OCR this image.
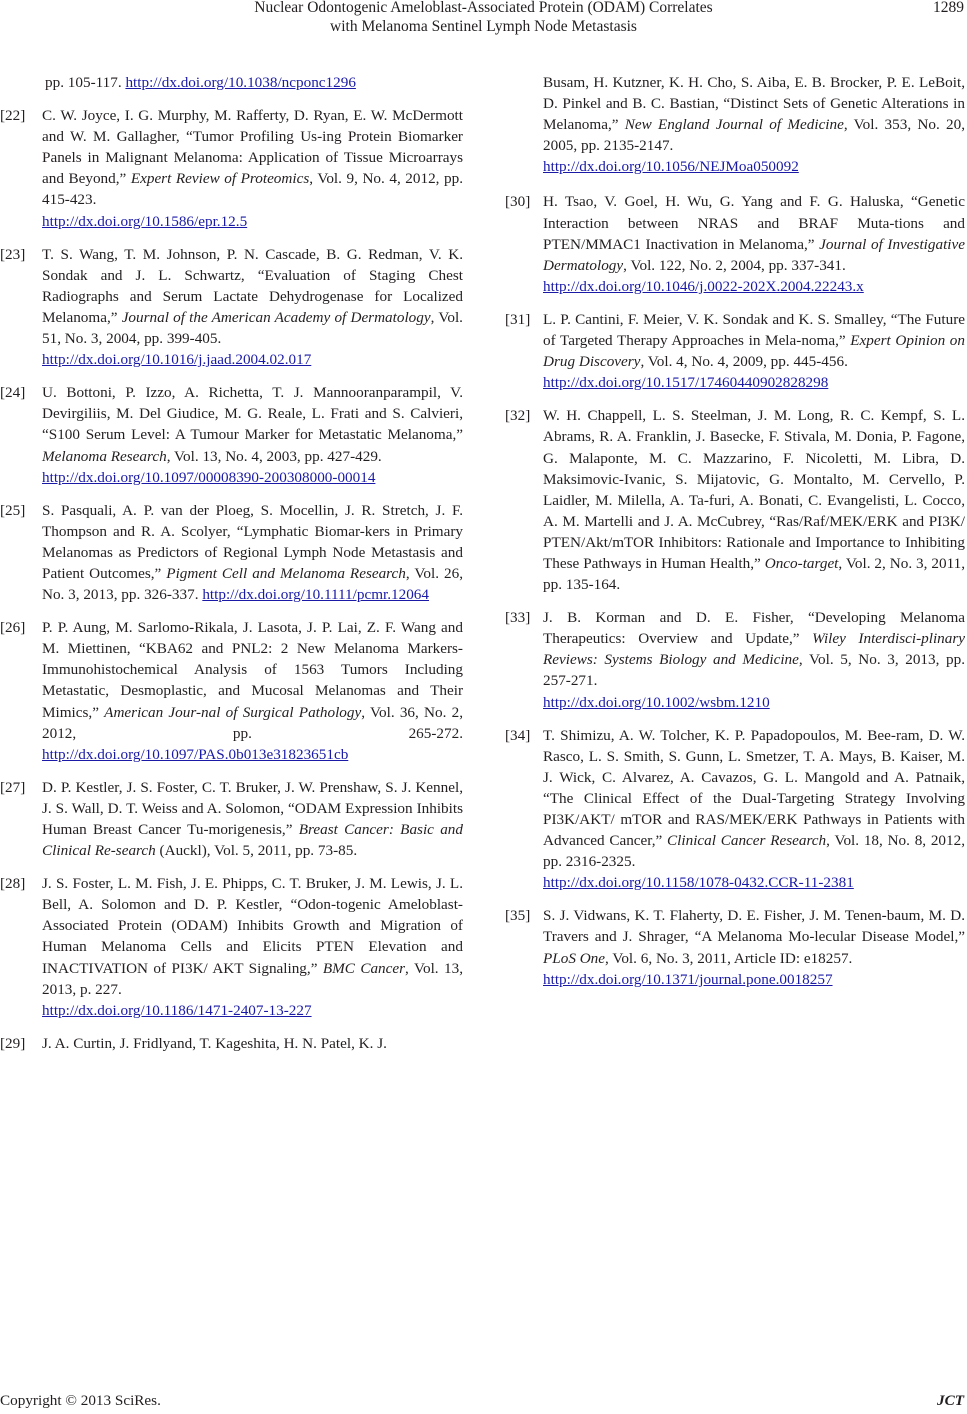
Nuclear Odontogenic Ameloblast-Associated Protein (ODAM) Correlates
with Melanoma Sentinel Lymph Node Metastasis
1289
pp. 105-117. http://dx.doi.org/10.1038/ncponc1296
[22] C. W. Joyce, I. G. Murphy, M. Rafferty, D. Ryan, E. W. McDermott and W. M. Gallagher, “Tumor Profiling Us-ing Protein Biomarker Panels in Malignant Melanoma: Application of Tissue Microarrays and Beyond,” Expert Review of Proteomics, Vol. 9, No. 4, 2012, pp. 415-423.
http://dx.doi.org/10.1586/epr.12.5
[23] T. S. Wang, T. M. Johnson, P. N. Cascade, B. G. Redman, V. K. Sondak and J. L. Schwartz, “Evaluation of Staging Chest Radiographs and Serum Lactate Dehydrogenase for Localized Melanoma,” Journal of the American Academy of Dermatology, Vol. 51, No. 3, 2004, pp. 399-405.
http://dx.doi.org/10.1016/j.jaad.2004.02.017
[24] U. Bottoni, P. Izzo, A. Richetta, T. J. Mannooranparampil, V. Devirgiliis, M. Del Giudice, M. G. Reale, L. Frati and S. Calvieri, “S100 Serum Level: A Tumour Marker for Metastatic Melanoma,” Melanoma Research, Vol. 13, No. 4, 2003, pp. 427-429.
http://dx.doi.org/10.1097/00008390-200308000-00014
[25] S. Pasquali, A. P. van der Ploeg, S. Mocellin, J. R. Stretch, J. F. Thompson and R. A. Scolyer, “Lymphatic Biomar-kers in Primary Melanomas as Predictors of Regional Lymph Node Metastasis and Patient Outcomes,” Pigment Cell and Melanoma Research, Vol. 26, No. 3, 2013, pp. 326-337. http://dx.doi.org/10.1111/pcmr.12064
[26] P. P. Aung, M. Sarlomo-Rikala, J. Lasota, J. P. Lai, Z. F. Wang and M. Miettinen, “KBA62 and PNL2: 2 New Melanoma Markers-Immunohistochemical Analysis of 1563 Tumors Including Metastatic, Desmoplastic, and Mucosal Melanomas and Their Mimics,” American Jour-nal of Surgical Pathology, Vol. 36, No. 2, 2012, pp. 265-272. http://dx.doi.org/10.1097/PAS.0b013e31823651cb
[27] D. P. Kestler, J. S. Foster, C. T. Bruker, J. W. Prenshaw, S. J. Kennel, J. S. Wall, D. T. Weiss and A. Solomon, “ODAM Expression Inhibits Human Breast Cancer Tu-morigenesis,” Breast Cancer: Basic and Clinical Re-search (Auckl), Vol. 5, 2011, pp. 73-85.
[28] J. S. Foster, L. M. Fish, J. E. Phipps, C. T. Bruker, J. M. Lewis, J. L. Bell, A. Solomon and D. P. Kestler, “Odon-togenic Ameloblast-Associated Protein (ODAM) Inhibits Growth and Migration of Human Melanoma Cells and Elicits PTEN Elevation and INACTIVATION of PI3K/ AKT Signaling,” BMC Cancer, Vol. 13, 2013, p. 227.
http://dx.doi.org/10.1186/1471-2407-13-227
[29] J. A. Curtin, J. Fridlyand, T. Kageshita, H. N. Patel, K. J.
Busam, H. Kutzner, K. H. Cho, S. Aiba, E. B. Brocker, P. E. LeBoit, D. Pinkel and B. C. Bastian, “Distinct Sets of Genetic Alterations in Melanoma,” New England Journal of Medicine, Vol. 353, No. 20, 2005, pp. 2135-2147.
http://dx.doi.org/10.1056/NEJMoa050092
[30] H. Tsao, V. Goel, H. Wu, G. Yang and F. G. Haluska, “Genetic Interaction between NRAS and BRAF Muta-tions and PTEN/MMAC1 Inactivation in Melanoma,” Journal of Investigative Dermatology, Vol. 122, No. 2, 2004, pp. 337-341.
http://dx.doi.org/10.1046/j.0022-202X.2004.22243.x
[31] L. P. Cantini, F. Meier, V. K. Sondak and K. S. Smalley, “The Future of Targeted Therapy Approaches in Mela-noma,” Expert Opinion on Drug Discovery, Vol. 4, No. 4, 2009, pp. 445-456.
http://dx.doi.org/10.1517/17460440902828298
[32] W. H. Chappell, L. S. Steelman, J. M. Long, R. C. Kempf, S. L. Abrams, R. A. Franklin, J. Basecke, F. Stivala, M. Donia, P. Fagone, G. Malaponte, M. C. Mazzarino, F. Nicoletti, M. Libra, D. Maksimovic-Ivanic, S. Mijatovic, G. Montalto, M. Cervello, P. Laidler, M. Milella, A. Ta-furi, A. Bonati, C. Evangelisti, L. Cocco, A. M. Martelli and J. A. McCubrey, “Ras/Raf/MEK/ERK and PI3K/ PTEN/Akt/mTOR Inhibitors: Rationale and Importance to Inhibiting These Pathways in Human Health,” Onco-target, Vol. 2, No. 3, 2011, pp. 135-164.
[33] J. B. Korman and D. E. Fisher, “Developing Melanoma Therapeutics: Overview and Update,” Wiley Interdisci-plinary Reviews: Systems Biology and Medicine, Vol. 5, No. 3, 2013, pp. 257-271.
http://dx.doi.org/10.1002/wsbm.1210
[34] T. Shimizu, A. W. Tolcher, K. P. Papadopoulos, M. Bee-ram, D. W. Rasco, L. S. Smith, S. Gunn, L. Smetzer, T. A. Mays, B. Kaiser, M. J. Wick, C. Alvarez, A. Cavazos, G. L. Mangold and A. Patnaik, “The Clinical Effect of the Dual-Targeting Strategy Involving PI3K/AKT/ mTOR and RAS/MEK/ERK Pathways in Patients with Advanced Cancer,” Clinical Cancer Research, Vol. 18, No. 8, 2012, pp. 2316-2325.
http://dx.doi.org/10.1158/1078-0432.CCR-11-2381
[35] S. J. Vidwans, K. T. Flaherty, D. E. Fisher, J. M. Tenen-baum, M. D. Travers and J. Shrager, “A Melanoma Mo-lecular Disease Model,” PLoS One, Vol. 6, No. 3, 2011, Article ID: e18257.
http://dx.doi.org/10.1371/journal.pone.0018257
Copyright © 2013 SciRes.	JCT
